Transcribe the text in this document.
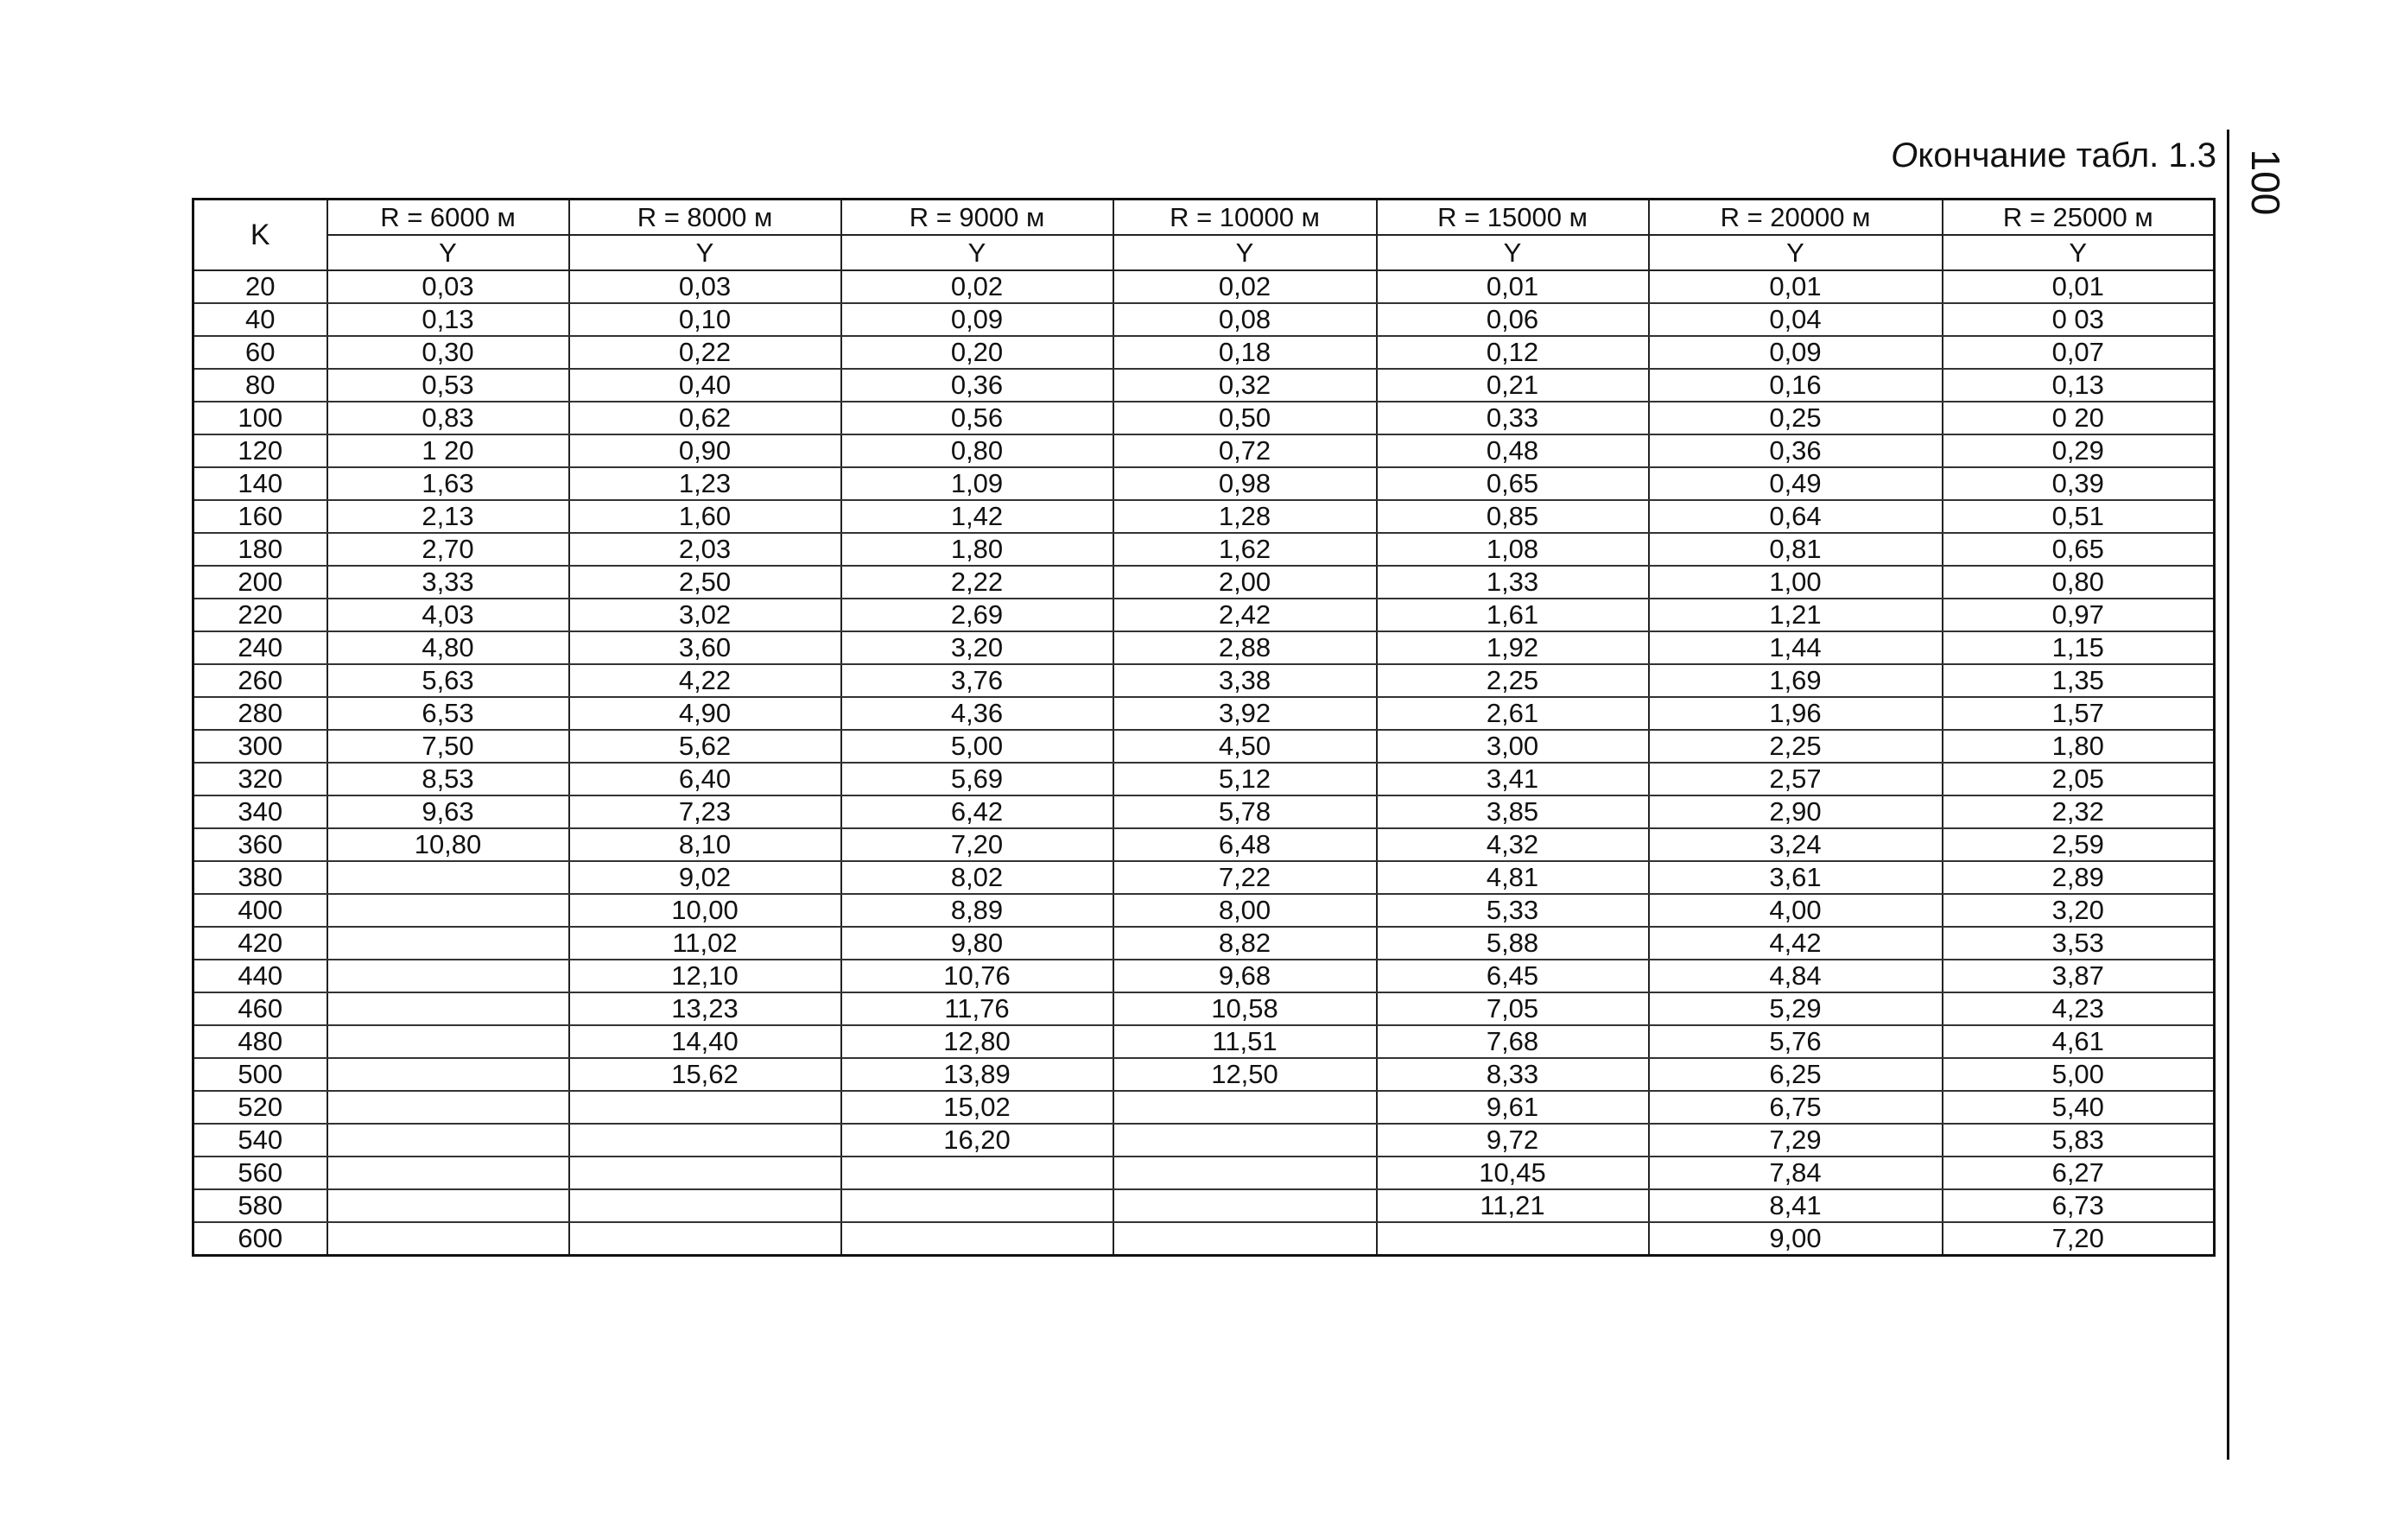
100
Окончание табл. 1.3
K	R = 6000 м	R = 8000 м	R = 9000 м	R = 10000 м	R = 15000 м	R = 20000 м	R = 25000 м
	Y	Y	Y	Y	Y	Y	Y
20	0,03	0,03	0,02	0,02	0,01	0,01	0,01
40	0,13	0,10	0,09	0,08	0,06	0,04	0 03
60	0,30	0,22	0,20	0,18	0,12	0,09	0,07
80	0,53	0,40	0,36	0,32	0,21	0,16	0,13
100	0,83	0,62	0,56	0,50	0,33	0,25	0 20
120	1 20	0,90	0,80	0,72	0,48	0,36	0,29
140	1,63	1,23	1,09	0,98	0,65	0,49	0,39
160	2,13	1,60	1,42	1,28	0,85	0,64	0,51
180	2,70	2,03	1,80	1,62	1,08	0,81	0,65
200	3,33	2,50	2,22	2,00	1,33	1,00	0,80
220	4,03	3,02	2,69	2,42	1,61	1,21	0,97
240	4,80	3,60	3,20	2,88	1,92	1,44	1,15
260	5,63	4,22	3,76	3,38	2,25	1,69	1,35
280	6,53	4,90	4,36	3,92	2,61	1,96	1,57
300	7,50	5,62	5,00	4,50	3,00	2,25	1,80
320	8,53	6,40	5,69	5,12	3,41	2,57	2,05
340	9,63	7,23	6,42	5,78	3,85	2,90	2,32
360	10,80	8,10	7,20	6,48	4,32	3,24	2,59
380		9,02	8,02	7,22	4,81	3,61	2,89
400		10,00	8,89	8,00	5,33	4,00	3,20
420		11,02	9,80	8,82	5,88	4,42	3,53
440		12,10	10,76	9,68	6,45	4,84	3,87
460		13,23	11,76	10,58	7,05	5,29	4,23
480		14,40	12,80	11,51	7,68	5,76	4,61
500		15,62	13,89	12,50	8,33	6,25	5,00
520			15,02		9,61	6,75	5,40
540			16,20		9,72	7,29	5,83
560					10,45	7,84	6,27
580					11,21	8,41	6,73
600						9,00	7,20
